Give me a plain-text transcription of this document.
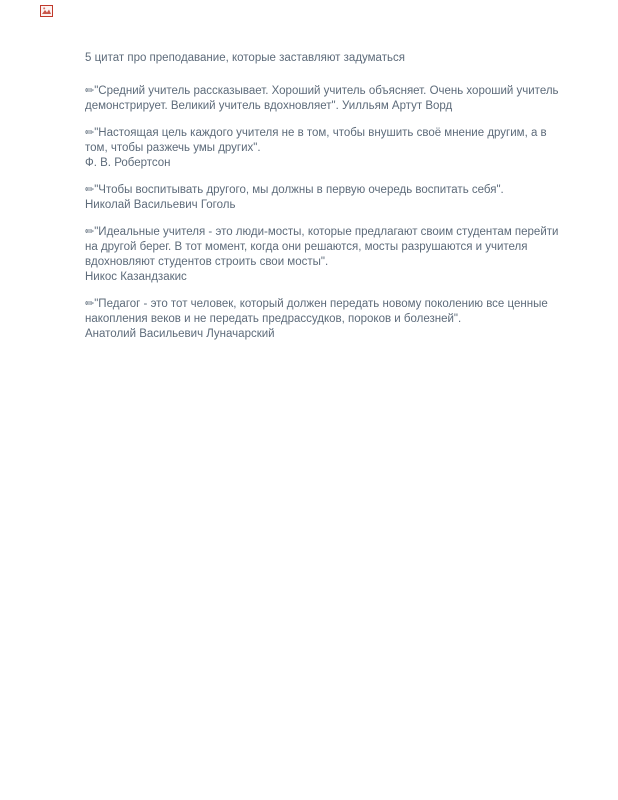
5 цитат про преподавание, которые заставляют задуматься

✏"Средний учитель рассказывает. Хороший учитель объясняет. Очень хороший учитель демонстрирует. Великий учитель вдохновляет". Уилльям Артут Ворд

✏"Настоящая цель каждого учителя не в том, чтобы внушить своё мнение другим, а в том, чтобы разжечь умы других".

Ф. В. Робертсон

✏"Чтобы воспитывать другого, мы должны в первую очередь воспитать себя".

Николай Васильевич Гоголь

✏"Идеальные учителя - это люди-мосты, которые предлагают своим студентам перейти на другой берег. В тот момент, когда они решаются, мосты разрушаются и учителя вдохновляют студентов строить свои мосты".

Никос Казандзакис

✏"Педагог - это тот человек, который должен передать новому поколению все ценные накопления веков и не передать предрассудков, пороков и болезней".

Анатолий Васильевич Луначарский
